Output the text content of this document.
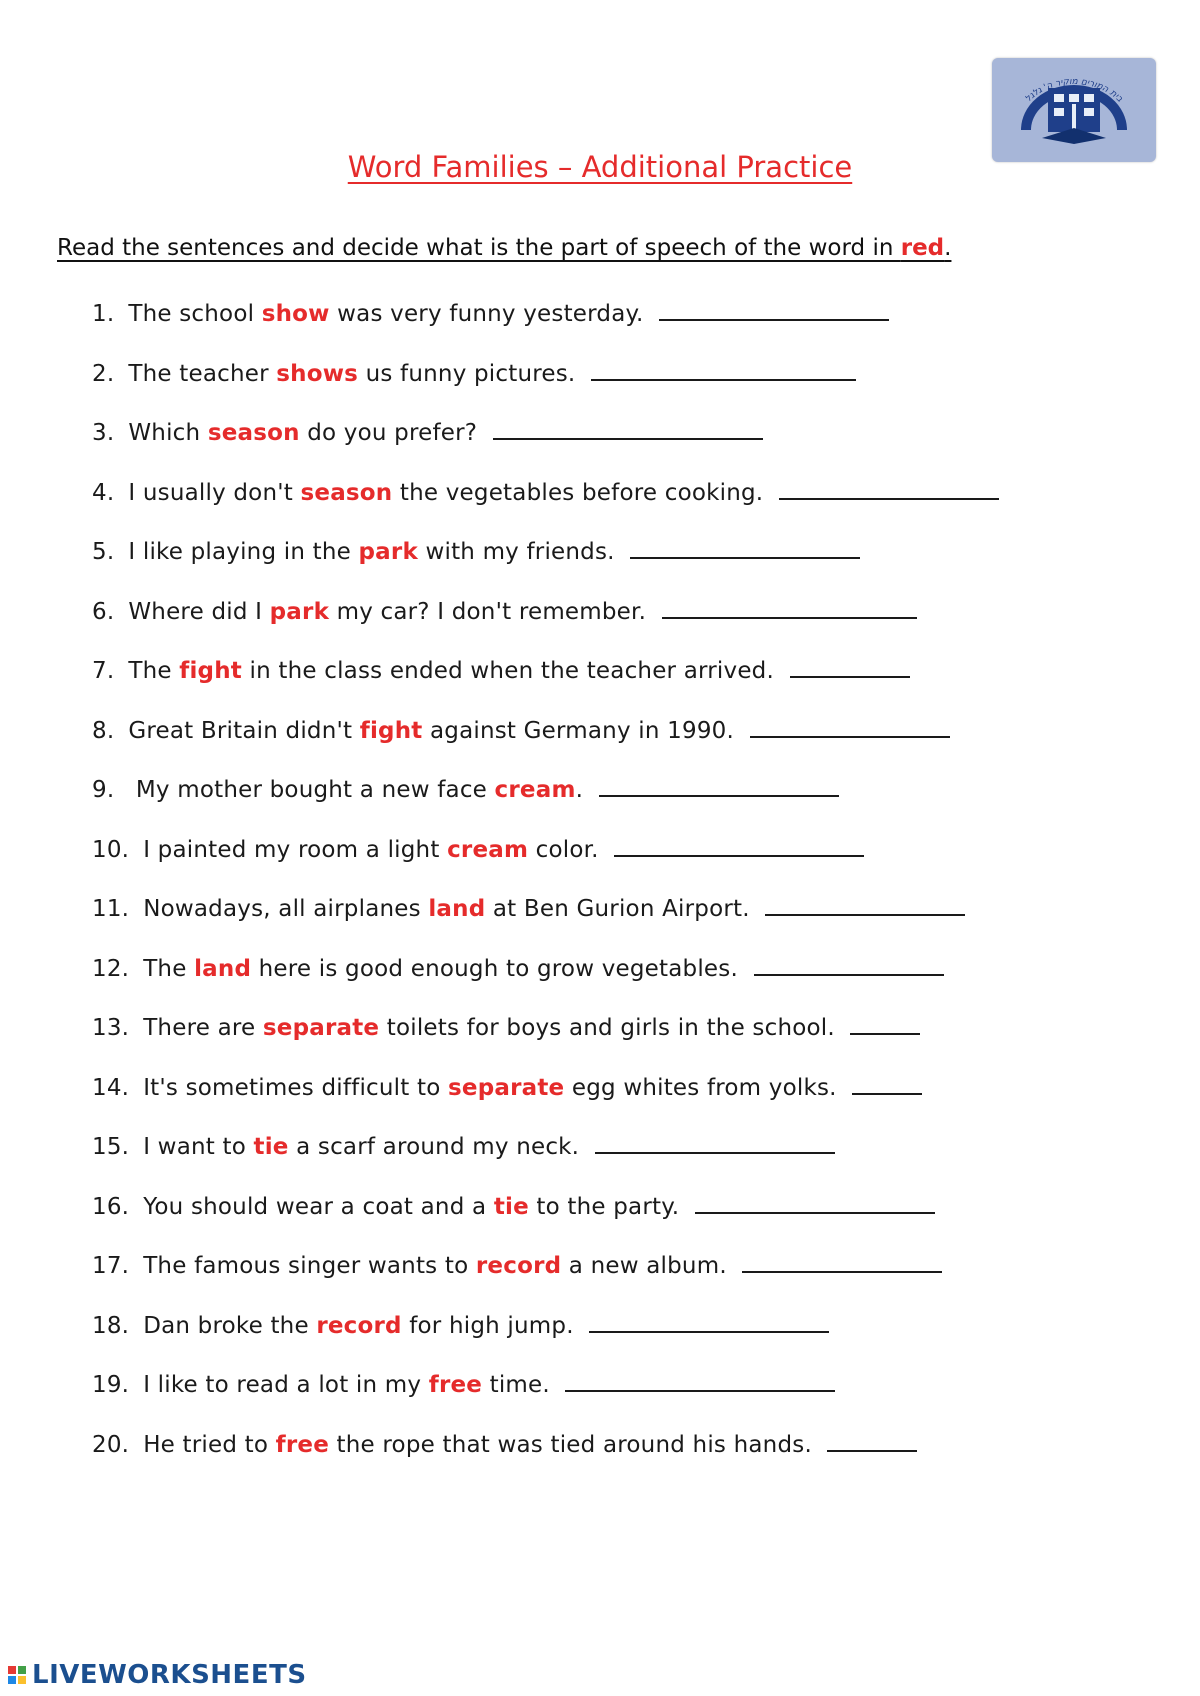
בית המורים מוקיר ה' גלגל
Word Families – Additional Practice
Read the sentences and decide what is the part of speech of the word in red.
1. The school show was very funny yesterday.
2. The teacher shows us funny pictures.
3. Which season do you prefer?
4. I usually don't season the vegetables before cooking.
5. I like playing in the park with my friends.
6. Where did I park my car? I don't remember.
7. The fight in the class ended when the teacher arrived.
8. Great Britain didn't fight against Germany in 1990.
9. My mother bought a new face cream.
10. I painted my room a light cream color.
11. Nowadays, all airplanes land at Ben Gurion Airport.
12. The land here is good enough to grow vegetables.
13. There are separate toilets for boys and girls in the school.
14. It's sometimes difficult to separate egg whites from yolks.
15. I want to tie a scarf around my neck.
16. You should wear a coat and a tie to the party.
17. The famous singer wants to record a new album.
18. Dan broke the record for high jump.
19. I like to read a lot in my free time.
20. He tried to free the rope that was tied around his hands.
LIVEWORKSHEETS
